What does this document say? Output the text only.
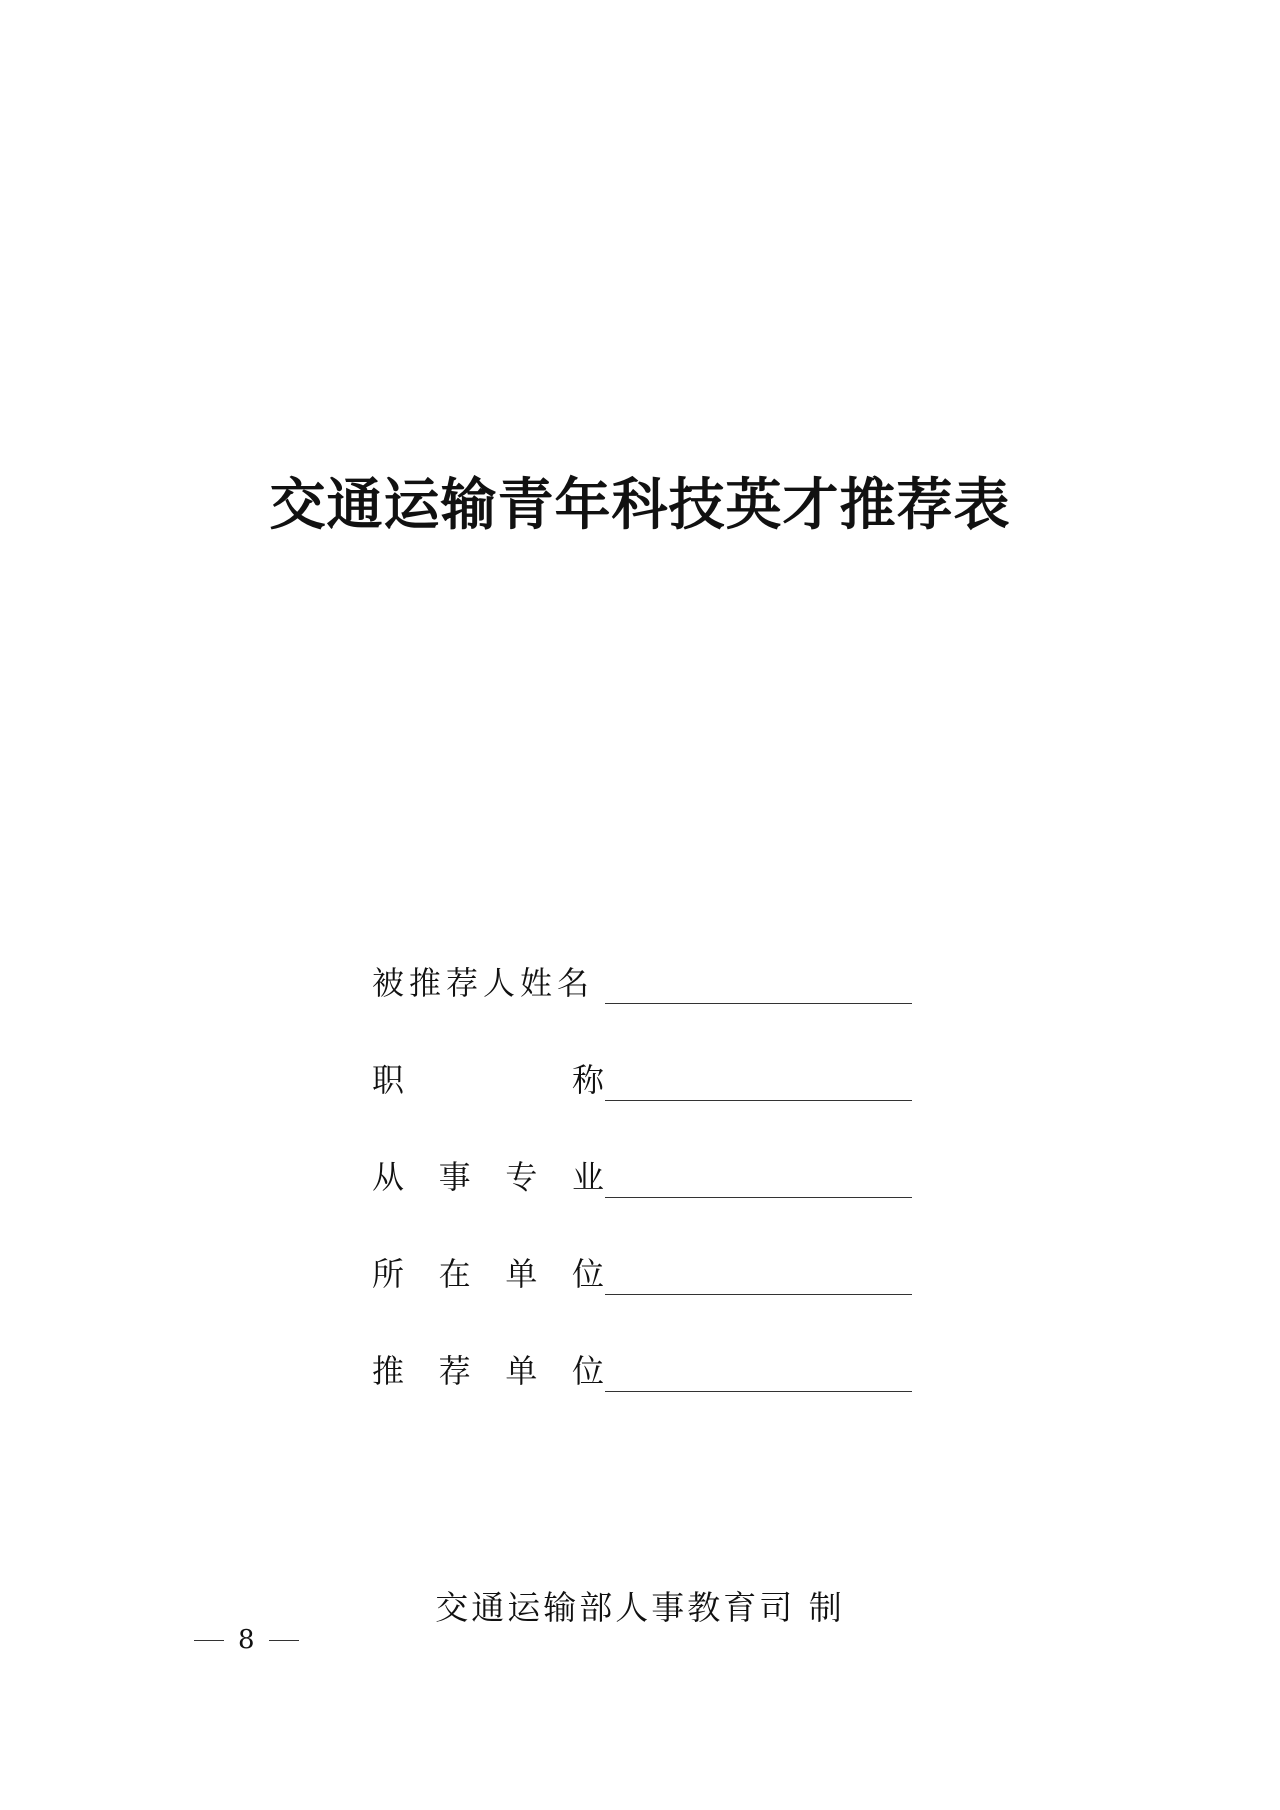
交通运输青年科技英才推荐表
被推荐人姓名
职	称
从 事 专 业
所 在 单 位
推 荐 单 位
交通运输部人事教育司 制
8
